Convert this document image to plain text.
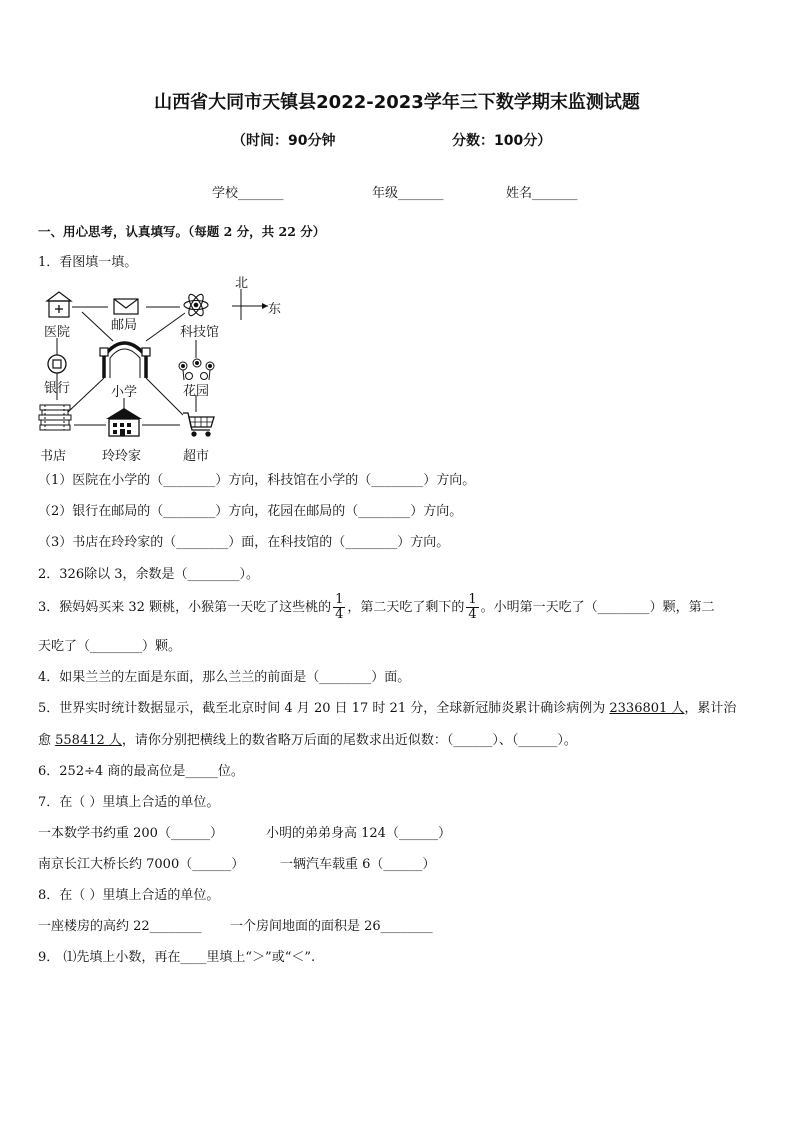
山西省大同市天镇县2022-2023学年三下数学期末监测试题
（时间：90分钟	分数：100分）
学校_______	年级_______	姓名_______
一、用心思考，认真填写。（每题 2 分，共 22 分）
1．看图填一填。
北
东
医院	邮局	科技馆
银行	小学	花园
书店	玲玲家	超市
（1）医院在小学的（________）方向，科技馆在小学的（________）方向。
（2）银行在邮局的（________）方向，花园在邮局的（________）方向。
（3）书店在玲玲家的（________）面，在科技馆的（________）方向。
2．326除以 3，余数是（________）。
3．猴妈妈买来 32 颗桃，小猴第一天吃了这些桃的 $\frac{1}{4}$ ，第二天吃了剩下的 $\frac{1}{4}$ 。小明第一天吃了（________）颗，第二
天吃了（________）颗。
4．如果兰兰的左面是东面，那么兰兰的前面是（________）面。
5．世界实时统计数据显示，截至北京时间 4 月 20 日 17 时 21 分，全球新冠肺炎累计确诊病例为 2336801 人，累计治
愈 558412 人，请你分别把横线上的数省略万后面的尾数求出近似数：（______）、（______）。
6．252÷4 商的最高位是_____位。
7．在（ ）里填上合适的单位。
一本数学书约重 200（______）	小明的弟弟身高 124（______）
南京长江大桥长约 7000（______）	一辆汽车载重 6（______）
8．在（ ）里填上合适的单位。
一座楼房的高约 22________ 一个房间地面的面积是 26________
9． ⑴先填上小数，再在____里填上“＞”或“＜”.
